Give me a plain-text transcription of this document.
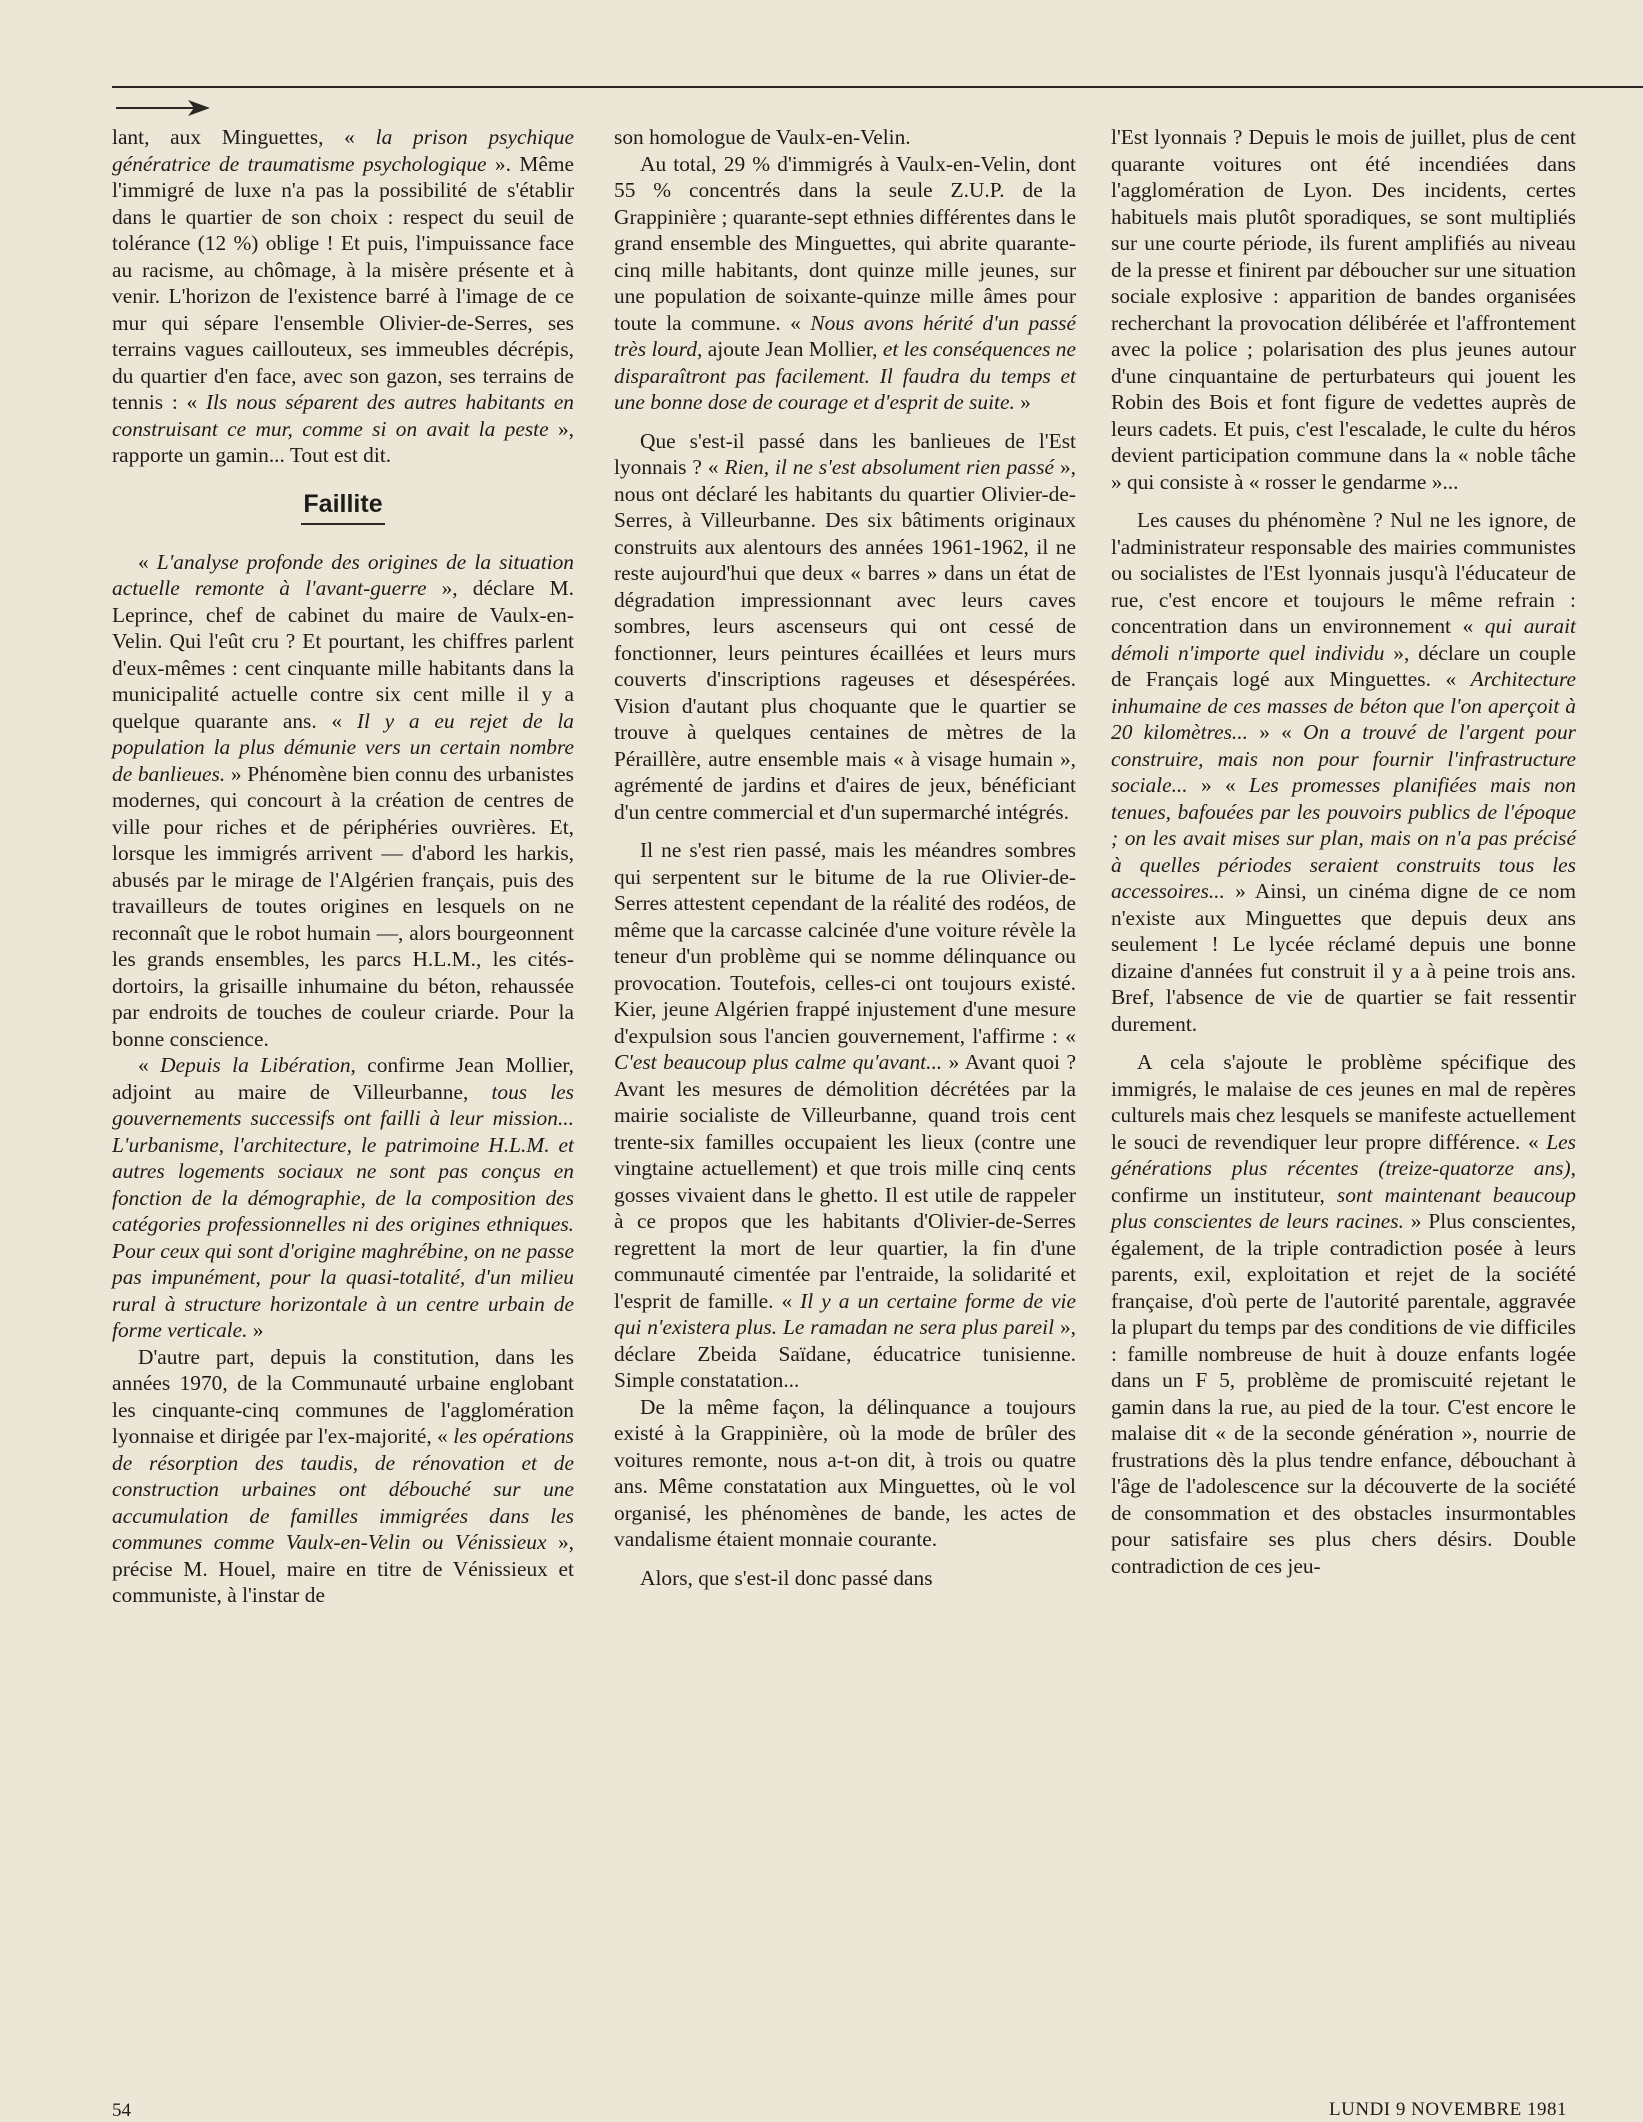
lant, aux Minguettes, « la prison psychique génératrice de traumatisme psychologique ». Même l'immigré de luxe n'a pas la possibilité de s'établir dans le quartier de son choix : respect du seuil de tolérance (12 %) oblige ! Et puis, l'impuissance face au racisme, au chômage, à la misère présente et à venir. L'horizon de l'existence barré à l'image de ce mur qui sépare l'ensemble Olivier-de-Serres, ses terrains vagues caillouteux, ses immeubles décrépis, du quartier d'en face, avec son gazon, ses terrains de tennis : « Ils nous séparent des autres habitants en construisant ce mur, comme si on avait la peste », rapporte un gamin... Tout est dit.

Faillite

« L'analyse profonde des origines de la situation actuelle remonte à l'avant-guerre », déclare M. Leprince, chef de cabinet du maire de Vaulx-en-Velin. Qui l'eût cru ? Et pourtant, les chiffres parlent d'eux-mêmes : cent cinquante mille habitants dans la municipalité actuelle contre six cent mille il y a quelque quarante ans. « Il y a eu rejet de la population la plus démunie vers un certain nombre de banlieues. » Phénomène bien connu des urbanistes modernes, qui concourt à la création de centres de ville pour riches et de périphéries ouvrières. Et, lorsque les immigrés arrivent — d'abord les harkis, abusés par le mirage de l'Algérien français, puis des travailleurs de toutes origines en lesquels on ne reconnaît que le robot humain —, alors bourgeonnent les grands ensembles, les parcs H.L.M., les cités-dortoirs, la grisaille inhumaine du béton, rehaussée par endroits de touches de couleur criarde. Pour la bonne conscience.

« Depuis la Libération, confirme Jean Mollier, adjoint au maire de Villeurbanne, tous les gouvernements successifs ont failli à leur mission... L'urbanisme, l'architecture, le patrimoine H.L.M. et autres logements sociaux ne sont pas conçus en fonction de la démographie, de la composition des catégories professionnelles ni des origines ethniques. Pour ceux qui sont d'origine maghrébine, on ne passe pas impunément, pour la quasi-totalité, d'un milieu rural à structure horizontale à un centre urbain de forme verticale. »

D'autre part, depuis la constitution, dans les années 1970, de la Communauté urbaine englobant les cinquante-cinq communes de l'agglomération lyonnaise et dirigée par l'ex-majorité, « les opérations de résorption des taudis, de rénovation et de construction urbaines ont débouché sur une accumulation de familles immigrées dans les communes comme Vaulx-en-Velin ou Vénissieux », précise M. Houel, maire en titre de Vénissieux et communiste, à l'instar de

son homologue de Vaulx-en-Velin.

Au total, 29 % d'immigrés à Vaulx-en-Velin, dont 55 % concentrés dans la seule Z.U.P. de la Grappinière ; quarante-sept ethnies différentes dans le grand ensemble des Minguettes, qui abrite quarante-cinq mille habitants, dont quinze mille jeunes, sur une population de soixante-quinze mille âmes pour toute la commune. « Nous avons hérité d'un passé très lourd, ajoute Jean Mollier, et les conséquences ne disparaîtront pas facilement. Il faudra du temps et une bonne dose de courage et d'esprit de suite. »

Que s'est-il passé dans les banlieues de l'Est lyonnais ? « Rien, il ne s'est absolument rien passé », nous ont déclaré les habitants du quartier Olivier-de-Serres, à Villeurbanne. Des six bâtiments originaux construits aux alentours des années 1961-1962, il ne reste aujourd'hui que deux « barres » dans un état de dégradation impressionnant avec leurs caves sombres, leurs ascenseurs qui ont cessé de fonctionner, leurs peintures écaillées et leurs murs couverts d'inscriptions rageuses et désespérées. Vision d'autant plus choquante que le quartier se trouve à quelques centaines de mètres de la Péraillère, autre ensemble mais « à visage humain », agrémenté de jardins et d'aires de jeux, bénéficiant d'un centre commercial et d'un supermarché intégrés.

Il ne s'est rien passé, mais les méandres sombres qui serpentent sur le bitume de la rue Olivier-de-Serres attestent cependant de la réalité des rodéos, de même que la carcasse calcinée d'une voiture révèle la teneur d'un problème qui se nomme délinquance ou provocation. Toutefois, celles-ci ont toujours existé. Kier, jeune Algérien frappé injustement d'une mesure d'expulsion sous l'ancien gouvernement, l'affirme : « C'est beaucoup plus calme qu'avant... » Avant quoi ? Avant les mesures de démolition décrétées par la mairie socialiste de Villeurbanne, quand trois cent trente-six familles occupaient les lieux (contre une vingtaine actuellement) et que trois mille cinq cents gosses vivaient dans le ghetto. Il est utile de rappeler à ce propos que les habitants d'Olivier-de-Serres regrettent la mort de leur quartier, la fin d'une communauté cimentée par l'entraide, la solidarité et l'esprit de famille. « Il y a un certaine forme de vie qui n'existera plus. Le ramadan ne sera plus pareil », déclare Zbeida Saïdane, éducatrice tunisienne. Simple constatation...

De la même façon, la délinquance a toujours existé à la Grappinière, où la mode de brûler des voitures remonte, nous a-t-on dit, à trois ou quatre ans. Même constatation aux Minguettes, où le vol organisé, les phénomènes de bande, les actes de vandalisme étaient monnaie courante.

Alors, que s'est-il donc passé dans

l'Est lyonnais ? Depuis le mois de juillet, plus de cent quarante voitures ont été incendiées dans l'agglomération de Lyon. Des incidents, certes habituels mais plutôt sporadiques, se sont multipliés sur une courte période, ils furent amplifiés au niveau de la presse et finirent par déboucher sur une situation sociale explosive : apparition de bandes organisées recherchant la provocation délibérée et l'affrontement avec la police ; polarisation des plus jeunes autour d'une cinquantaine de perturbateurs qui jouent les Robin des Bois et font figure de vedettes auprès de leurs cadets. Et puis, c'est l'escalade, le culte du héros devient participation commune dans la « noble tâche » qui consiste à « rosser le gendarme »...

Les causes du phénomène ? Nul ne les ignore, de l'administrateur responsable des mairies communistes ou socialistes de l'Est lyonnais jusqu'à l'éducateur de rue, c'est encore et toujours le même refrain : concentration dans un environnement « qui aurait démoli n'importe quel individu », déclare un couple de Français logé aux Minguettes. « Architecture inhumaine de ces masses de béton que l'on aperçoit à 20 kilomètres... » « On a trouvé de l'argent pour construire, mais non pour fournir l'infrastructure sociale... » « Les promesses planifiées mais non tenues, bafouées par les pouvoirs publics de l'époque ; on les avait mises sur plan, mais on n'a pas précisé à quelles périodes seraient construits tous les accessoires... » Ainsi, un cinéma digne de ce nom n'existe aux Minguettes que depuis deux ans seulement ! Le lycée réclamé depuis une bonne dizaine d'années fut construit il y a à peine trois ans. Bref, l'absence de vie de quartier se fait ressentir durement.

A cela s'ajoute le problème spécifique des immigrés, le malaise de ces jeunes en mal de repères culturels mais chez lesquels se manifeste actuellement le souci de revendiquer leur propre différence. « Les générations plus récentes (treize-quatorze ans), confirme un instituteur, sont maintenant beaucoup plus conscientes de leurs racines. » Plus conscientes, également, de la triple contradiction posée à leurs parents, exil, exploitation et rejet de la société française, d'où perte de l'autorité parentale, aggravée la plupart du temps par des conditions de vie difficiles : famille nombreuse de huit à douze enfants logée dans un F 5, problème de promiscuité rejetant le gamin dans la rue, au pied de la tour. C'est encore le malaise dit « de la seconde génération », nourrie de frustrations dès la plus tendre enfance, débouchant à l'âge de l'adolescence sur la découverte de la société de consommation et des obstacles insurmontables pour satisfaire ses plus chers désirs. Double contradiction de ces jeu-

54	LUNDI 9 NOVEMBRE 1981
